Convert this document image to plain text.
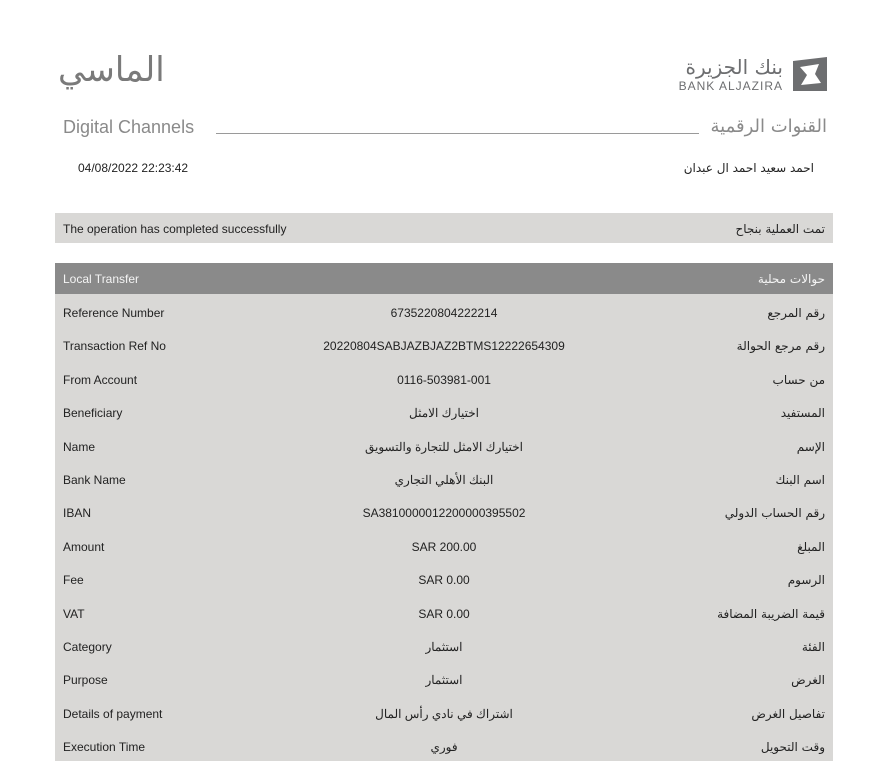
الماسي	بنك الجزيرة
BANK ALJAZIRA
Digital Channels	القنوات الرقمية
04/08/2022 22:23:42	احمد سعيد احمد ال عبدان
The operation has completed successfully	تمت العملية بنجاح
Local Transfer	حوالات محلية
Reference Number	6735220804222214	رقم المرجع
Transaction Ref No	20220804SABJAZBJAZ2BTMS12222654309	رقم مرجع الحوالة
From Account	0116-503981-001	من حساب
Beneficiary	اختيارك الامثل	المستفيد
Name	اختيارك الامثل للتجارة والتسويق	الإسم
Bank Name	البنك الأهلي التجاري	اسم البنك
IBAN	SA3810000012200000395502	رقم الحساب الدولي
Amount	SAR 200.00	المبلغ
Fee	SAR 0.00	الرسوم
VAT	SAR 0.00	قيمة الضريبة المضافة
Category	استثمار	الفئة
Purpose	استثمار	الغرض
Details of payment	اشتراك في نادي رأس المال	تفاصيل الغرض
Execution Time	فوري	وقت التحويل
